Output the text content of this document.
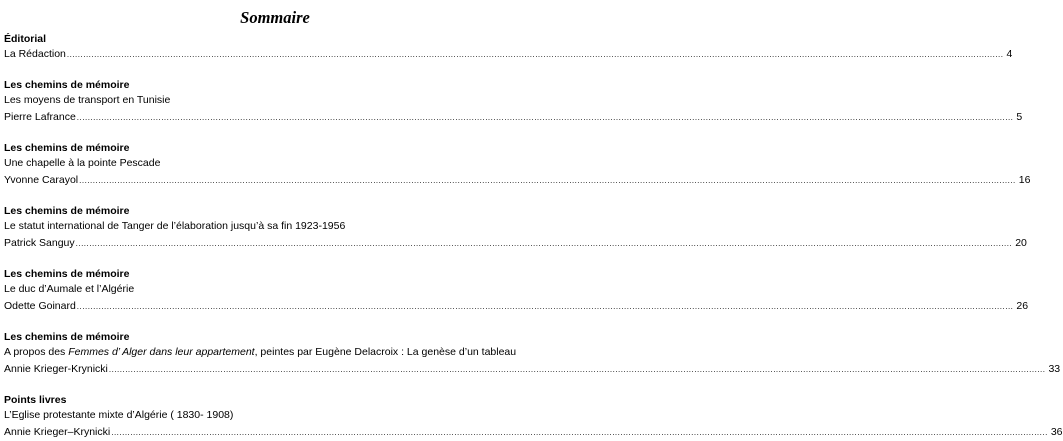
Sommaire
Éditorial
La Rédaction ........................................................................................................................................................................................................................................................................................................................................................ 4
Les chemins de mémoire
Les moyens de transport en Tunisie
Pierre Lafrance ........................................................................................................................................................................................................................................................................................................................................................ 5
Les chemins de mémoire
Une chapelle à la pointe Pescade
Yvonne Carayol ........................................................................................................................................................................................................................................................................................................................................................ 16
Les chemins de mémoire
Le statut international de Tanger de l’élaboration jusqu’à sa fin 1923-1956
Patrick Sanguy ........................................................................................................................................................................................................................................................................................................................................................ 20
Les chemins de mémoire
Le duc d’Aumale et l’Algérie
Odette Goinard ........................................................................................................................................................................................................................................................................................................................................................ 26
Les chemins de mémoire
A propos des Femmes d’ Alger dans leur appartement, peintes par Eugène Delacroix : La genèse d’un tableau
Annie Krieger-Krynicki ........................................................................................................................................................................................................................................................................................................................................................ 33
Points livres
L’Eglise protestante mixte d’Algérie ( 1830- 1908)
Annie Krieger–Krynicki ........................................................................................................................................................................................................................................................................................................................................................ 36
